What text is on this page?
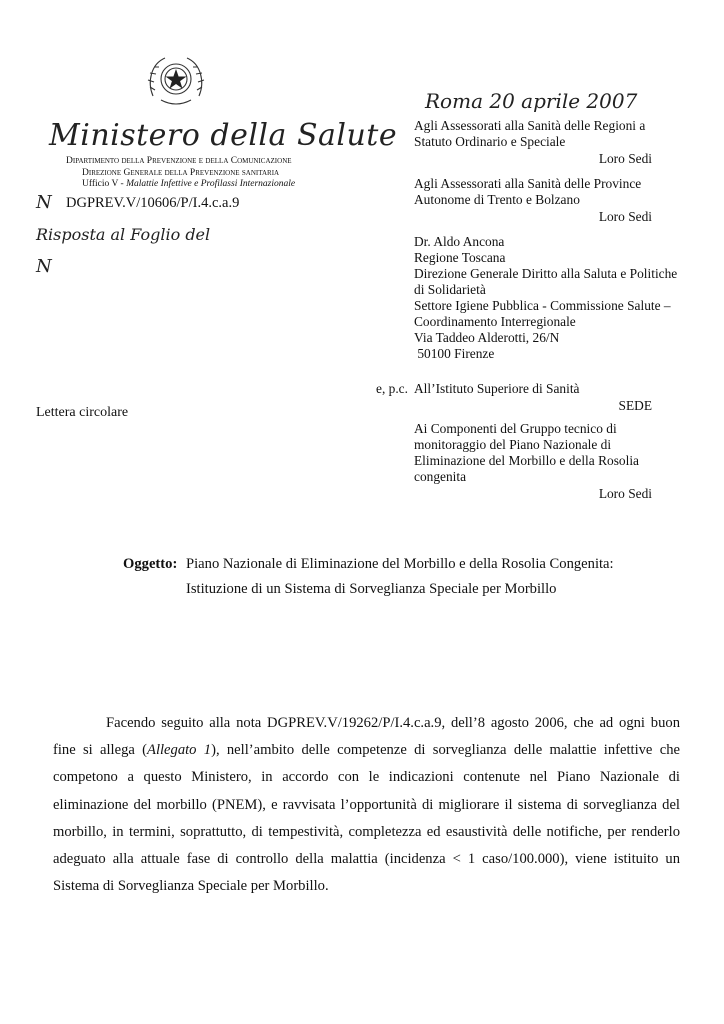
Ministero della Salute
Dipartimento della Prevenzione e della Comunicazione
Direzione Generale della Prevenzione sanitaria
Ufficio V - Malattie Infettive e Profilassi Internazionale
N DGPREV.V/10606/P/I.4.c.a.9
Risposta al Foglio del
N
Roma 20 aprile 2007
Agli Assessorati alla Sanità delle Regioni a
Statuto Ordinario e Speciale
Loro Sedi
Agli Assessorati alla Sanità delle Province
Autonome di Trento e Bolzano
Loro Sedi
Dr. Aldo Ancona
Regione Toscana
Direzione Generale Diritto alla Saluta e Politiche
di Solidarietà
Settore Igiene Pubblica - Commissione Salute –
Coordinamento Interregionale
Via Taddeo Alderotti, 26/N
50100 Firenze
e, p.c. All’Istituto Superiore di Sanità
SEDE
Ai Componenti del Gruppo tecnico di
monitoraggio del Piano Nazionale di
Eliminazione del Morbillo e della Rosolia
congenita
Loro Sedi
Lettera circolare
Oggetto: Piano Nazionale di Eliminazione del Morbillo e della Rosolia Congenita:
Istituzione di un Sistema di Sorveglianza Speciale per Morbillo

Facendo seguito alla nota DGPREV.V/19262/P/I.4.c.a.9, dell’8 agosto 2006, che ad ogni buon fine si allega (Allegato 1), nell’ambito delle competenze di sorveglianza delle malattie infettive che competono a questo Ministero, in accordo con le indicazioni contenute nel Piano Nazionale di eliminazione del morbillo (PNEM), e ravvisata l’opportunità di migliorare il sistema di sorveglianza del morbillo, in termini, soprattutto, di tempestività, completezza ed esaustività delle notifiche, per renderlo adeguato alla attuale fase di controllo della malattia (incidenza < 1 caso/100.000), viene istituito un Sistema di Sorveglianza Speciale per Morbillo.
